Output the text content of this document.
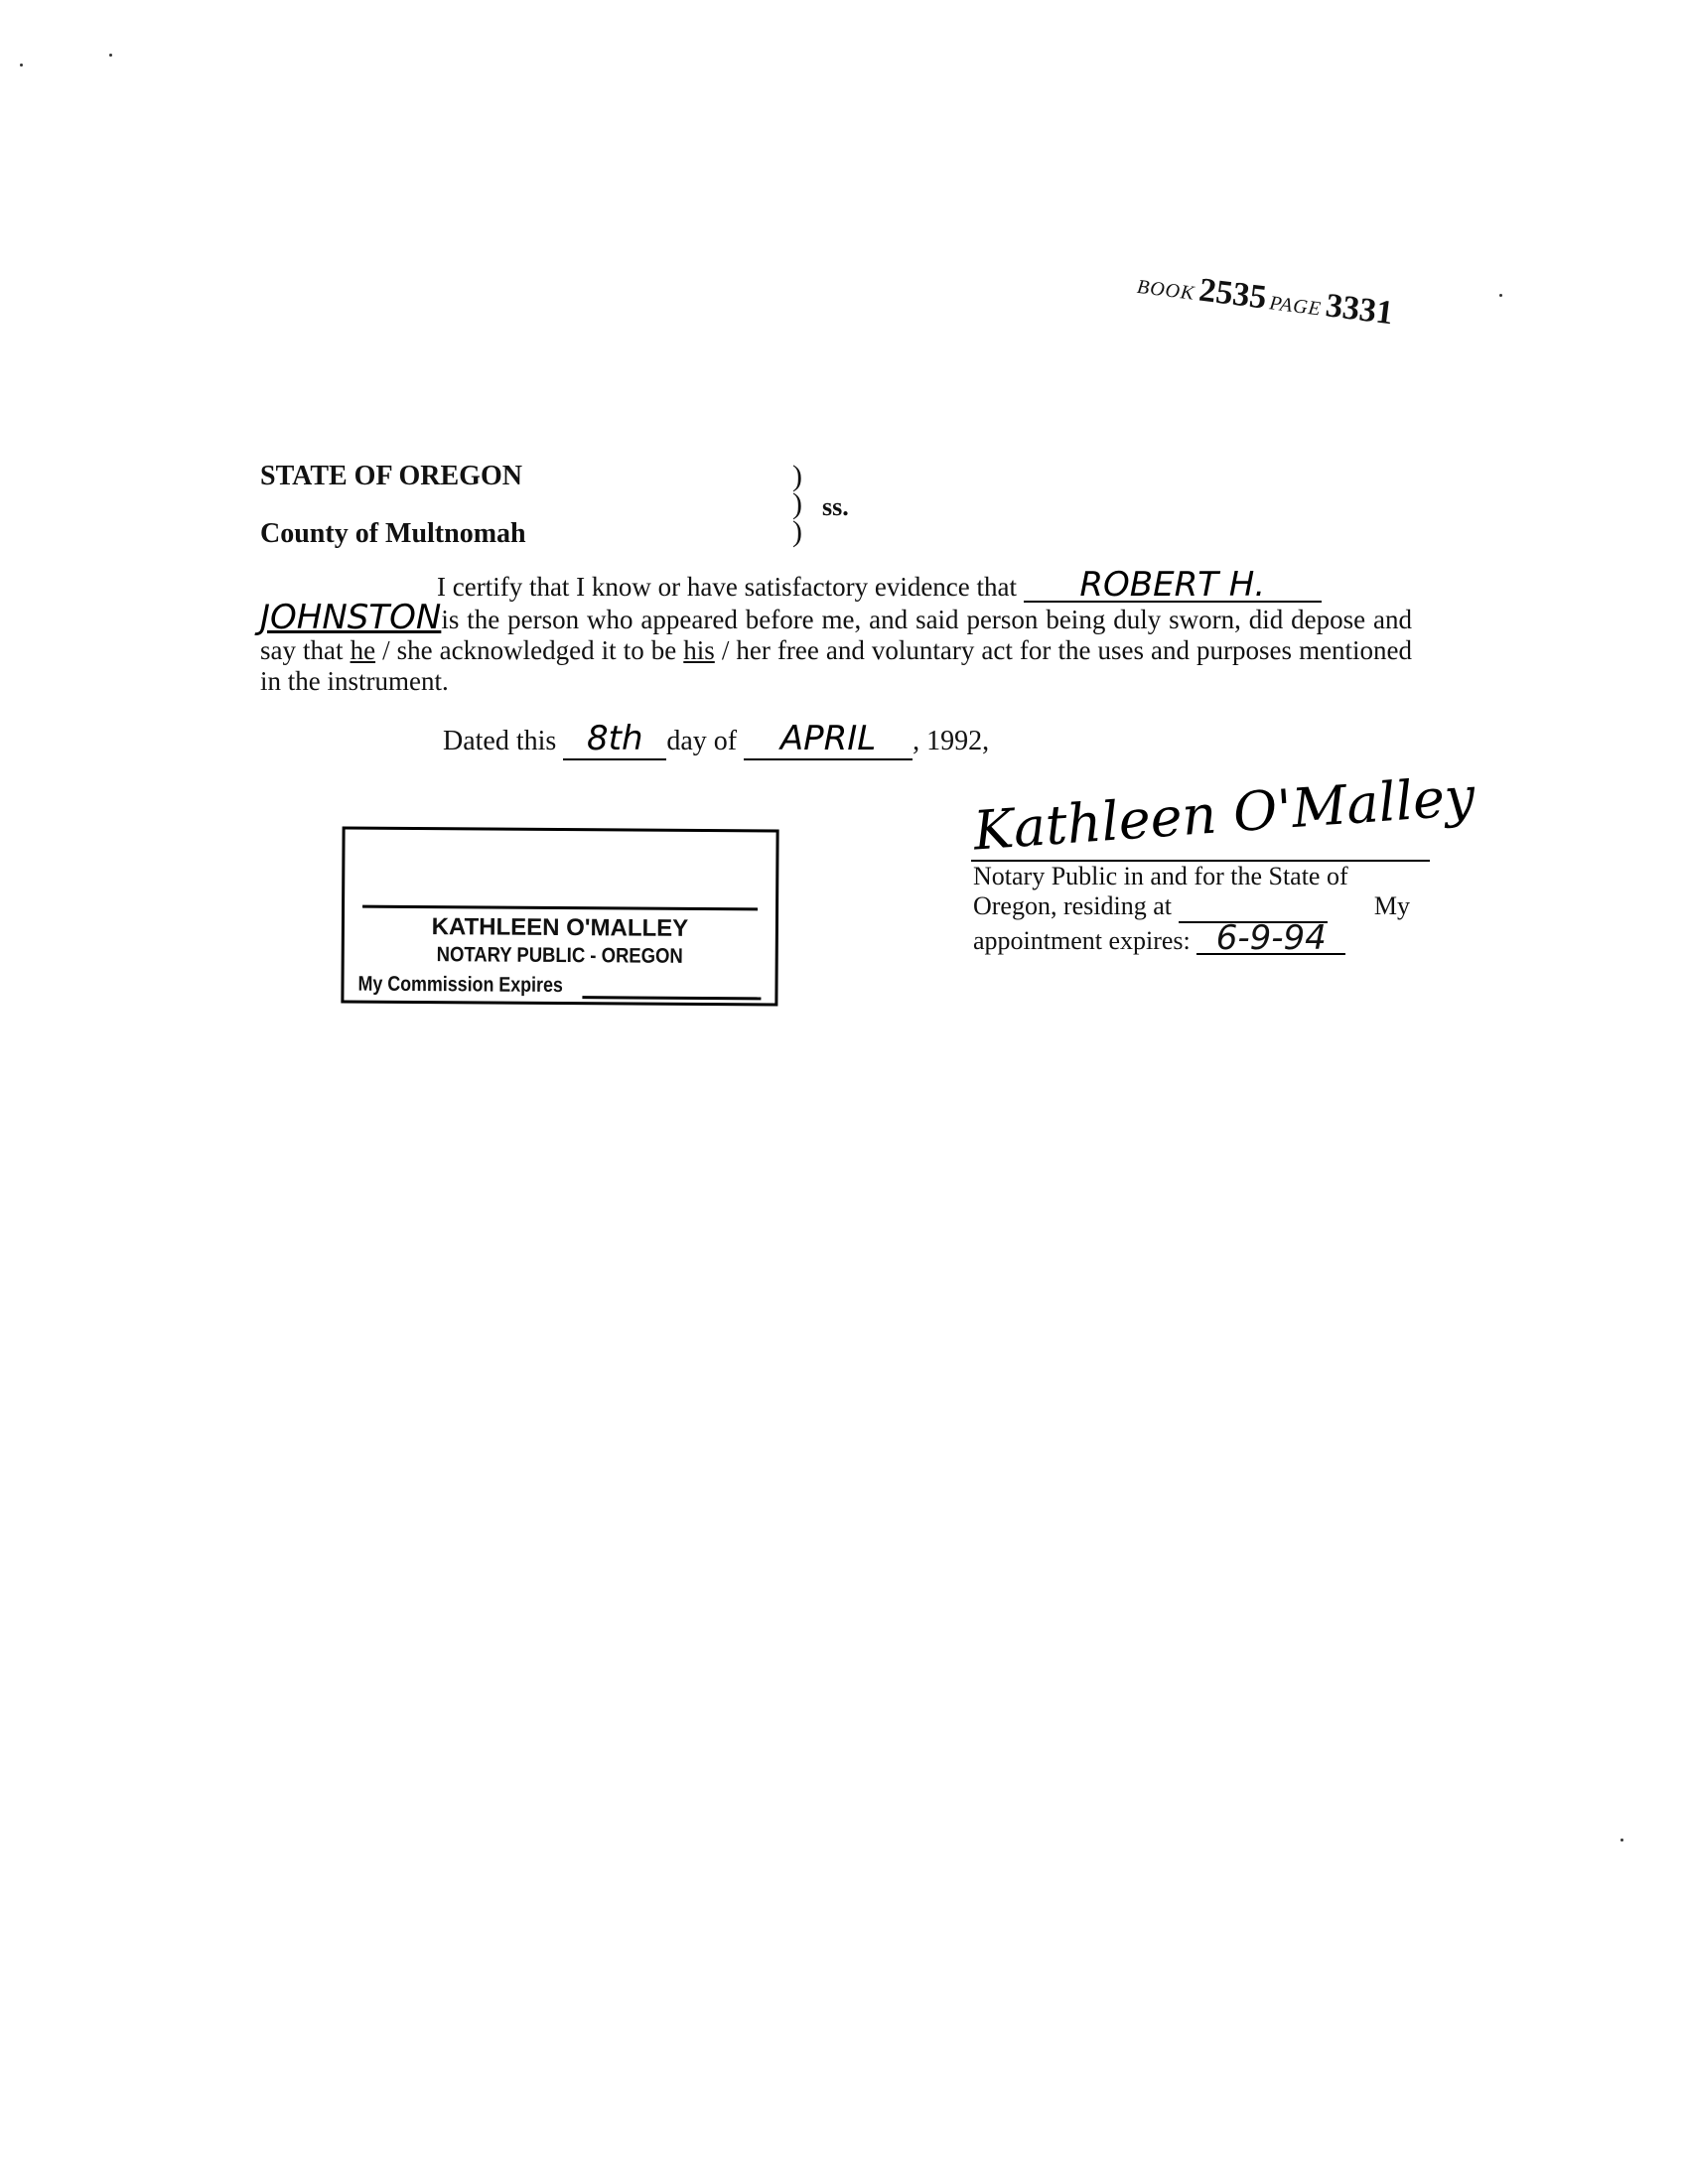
BOOK 2535 PAGE 3331
STATE OF OREGON
County of Multnomah
)
)
)
ss.

I certify that I know or have satisfactory evidence that ROBERT H.

JOHNSTONis the person who appeared before me, and said person being duly sworn, did depose and say that he / she acknowledged it to be his / her free and voluntary act for the uses and purposes mentioned in the instrument.

Dated this 8th day of APRIL , 1992,
KATHLEEN O'MALLEY
NOTARY PUBLIC - OREGON
My Commission Expires
Kathleen O'Malley
Notary Public in and for the State of
Oregon, residing at	My
appointment expires: 6-9-94
